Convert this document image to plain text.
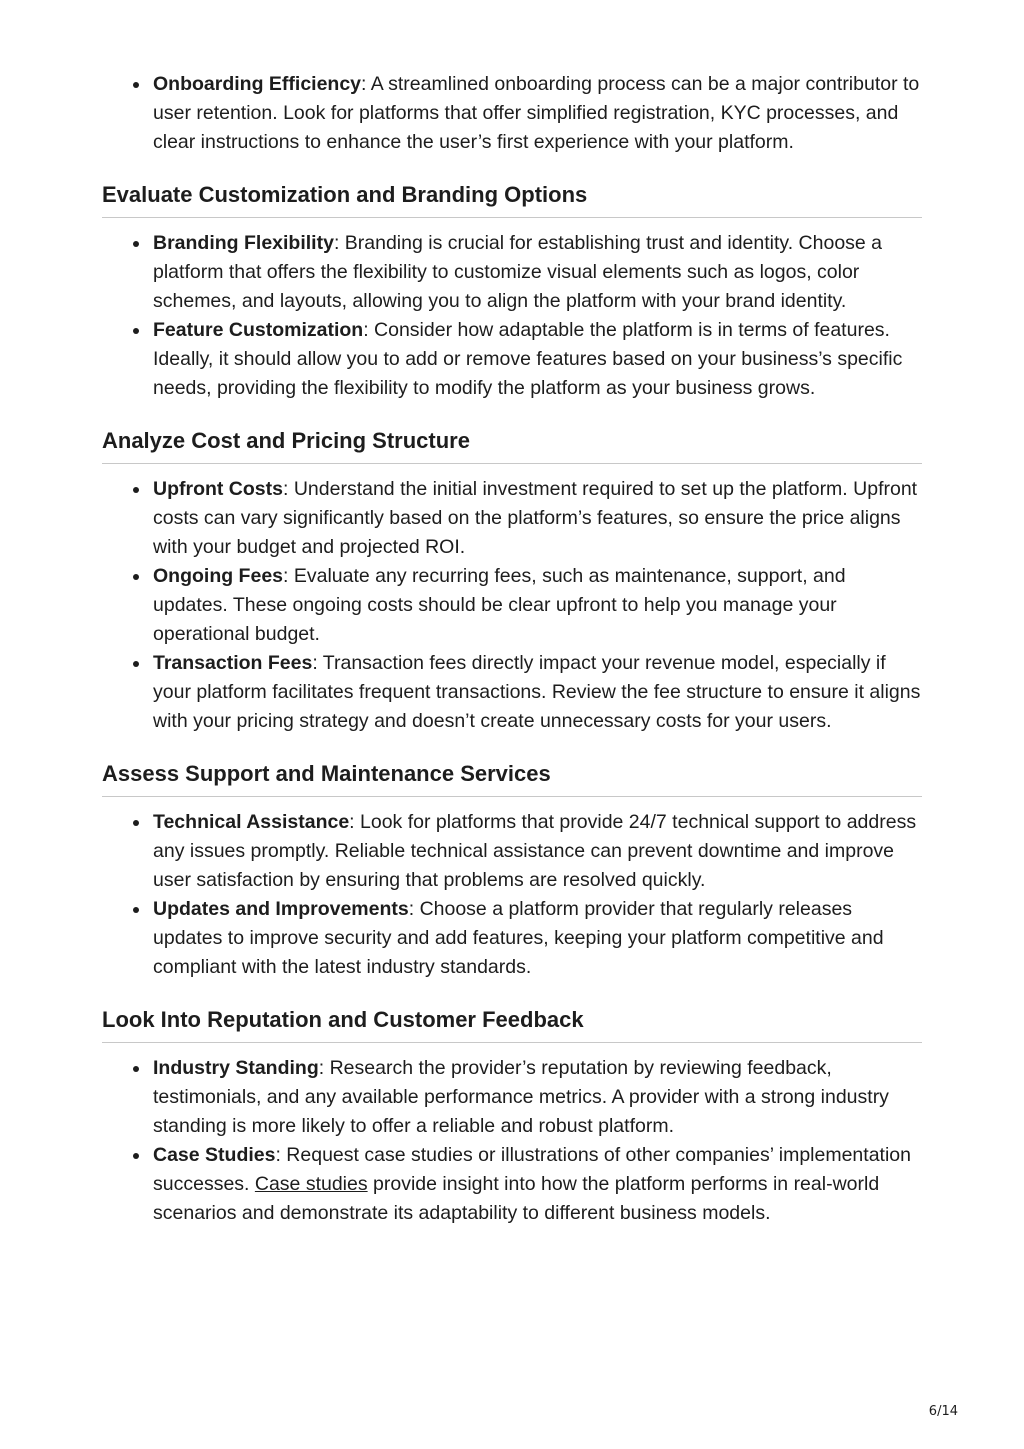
Onboarding Efficiency: A streamlined onboarding process can be a major contributor to user retention. Look for platforms that offer simplified registration, KYC processes, and clear instructions to enhance the user’s first experience with your platform.
Evaluate Customization and Branding Options
Branding Flexibility: Branding is crucial for establishing trust and identity. Choose a platform that offers the flexibility to customize visual elements such as logos, color schemes, and layouts, allowing you to align the platform with your brand identity.
Feature Customization: Consider how adaptable the platform is in terms of features. Ideally, it should allow you to add or remove features based on your business’s specific needs, providing the flexibility to modify the platform as your business grows.
Analyze Cost and Pricing Structure
Upfront Costs: Understand the initial investment required to set up the platform. Upfront costs can vary significantly based on the platform’s features, so ensure the price aligns with your budget and projected ROI.
Ongoing Fees: Evaluate any recurring fees, such as maintenance, support, and updates. These ongoing costs should be clear upfront to help you manage your operational budget.
Transaction Fees: Transaction fees directly impact your revenue model, especially if your platform facilitates frequent transactions. Review the fee structure to ensure it aligns with your pricing strategy and doesn’t create unnecessary costs for your users.
Assess Support and Maintenance Services
Technical Assistance: Look for platforms that provide 24/7 technical support to address any issues promptly. Reliable technical assistance can prevent downtime and improve user satisfaction by ensuring that problems are resolved quickly.
Updates and Improvements: Choose a platform provider that regularly releases updates to improve security and add features, keeping your platform competitive and compliant with the latest industry standards.
Look Into Reputation and Customer Feedback
Industry Standing: Research the provider’s reputation by reviewing feedback, testimonials, and any available performance metrics. A provider with a strong industry standing is more likely to offer a reliable and robust platform.
Case Studies: Request case studies or illustrations of other companies’ implementation successes. Case studies provide insight into how the platform performs in real-world scenarios and demonstrate its adaptability to different business models.
6/14
